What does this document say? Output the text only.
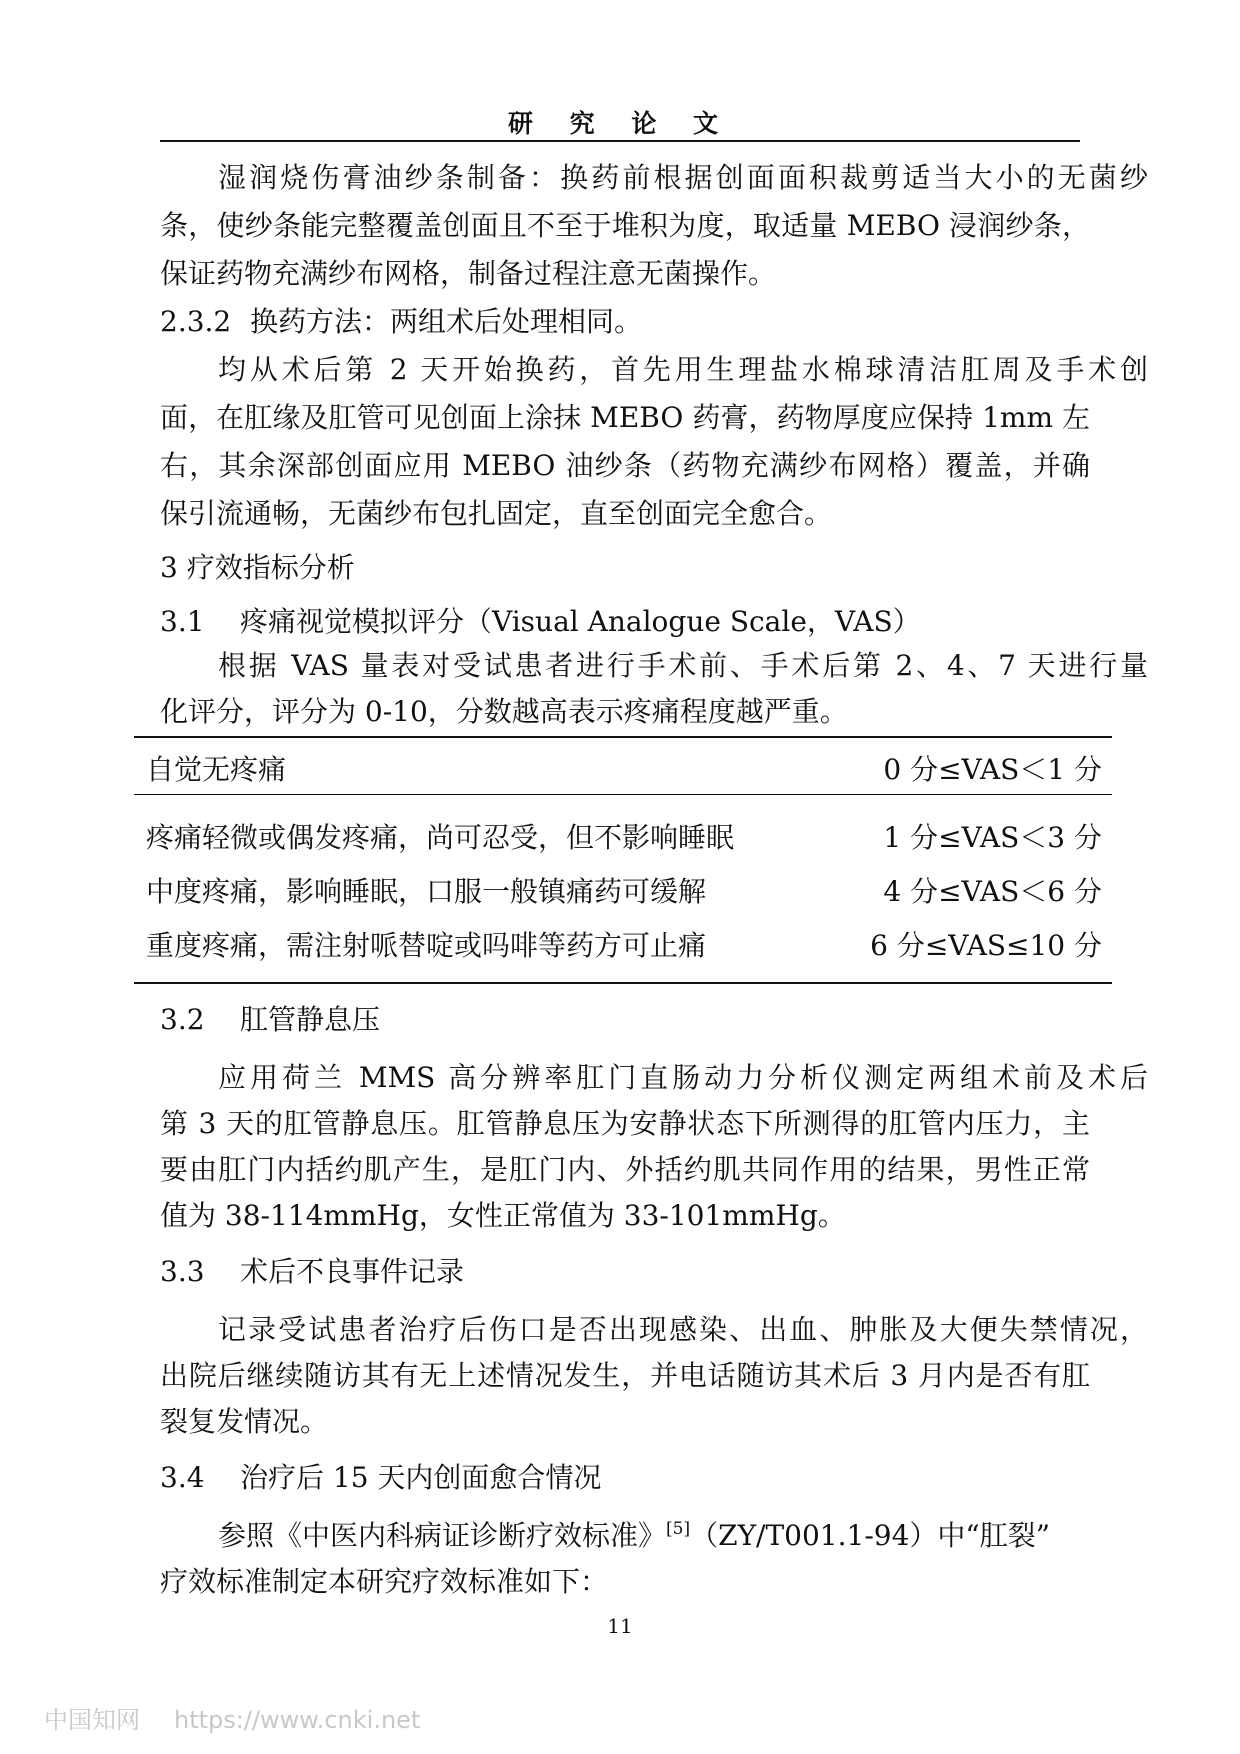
研 究 论 文
湿润烧伤膏油纱条制备：换药前根据创面面积裁剪适当大小的无菌纱
条，使纱条能完整覆盖创面且不至于堆积为度，取适量 MEBO 浸润纱条，
保证药物充满纱布网格，制备过程注意无菌操作。
2.3.2 换药方法：两组术后处理相同。
均从术后第 2 天开始换药，首先用生理盐水棉球清洁肛周及手术创
面，在肛缘及肛管可见创面上涂抹 MEBO 药膏，药物厚度应保持 1mm 左
右，其余深部创面应用 MEBO 油纱条（药物充满纱布网格）覆盖，并确
保引流通畅，无菌纱布包扎固定，直至创面完全愈合。
3 疗效指标分析
3.1 疼痛视觉模拟评分（Visual Analogue Scale，VAS）
根据 VAS 量表对受试患者进行手术前、手术后第 2、4、7 天进行量
化评分，评分为 0-10，分数越高表示疼痛程度越严重。
自觉无疼痛	0 分≤VAS＜1 分
疼痛轻微或偶发疼痛，尚可忍受，但不影响睡眠	1 分≤VAS＜3 分
中度疼痛，影响睡眠，口服一般镇痛药可缓解	4 分≤VAS＜6 分
重度疼痛，需注射哌替啶或吗啡等药方可止痛	6 分≤VAS≤10 分
3.2 肛管静息压
应用荷兰 MMS 高分辨率肛门直肠动力分析仪测定两组术前及术后
第 3 天的肛管静息压。肛管静息压为安静状态下所测得的肛管内压力，主
要由肛门内括约肌产生，是肛门内、外括约肌共同作用的结果，男性正常
值为 38-114mmHg，女性正常值为 33-101mmHg。
3.3 术后不良事件记录
记录受试患者治疗后伤口是否出现感染、出血、肿胀及大便失禁情况，
出院后继续随访其有无上述情况发生，并电话随访其术后 3 月内是否有肛
裂复发情况。
3.4 治疗后 15 天内创面愈合情况
参照《中医内科病证诊断疗效标准》[5]（ZY/T001.1-94）中“肛裂”
疗效标准制定本研究疗效标准如下：
11
中国知网 https://www.cnki.net
